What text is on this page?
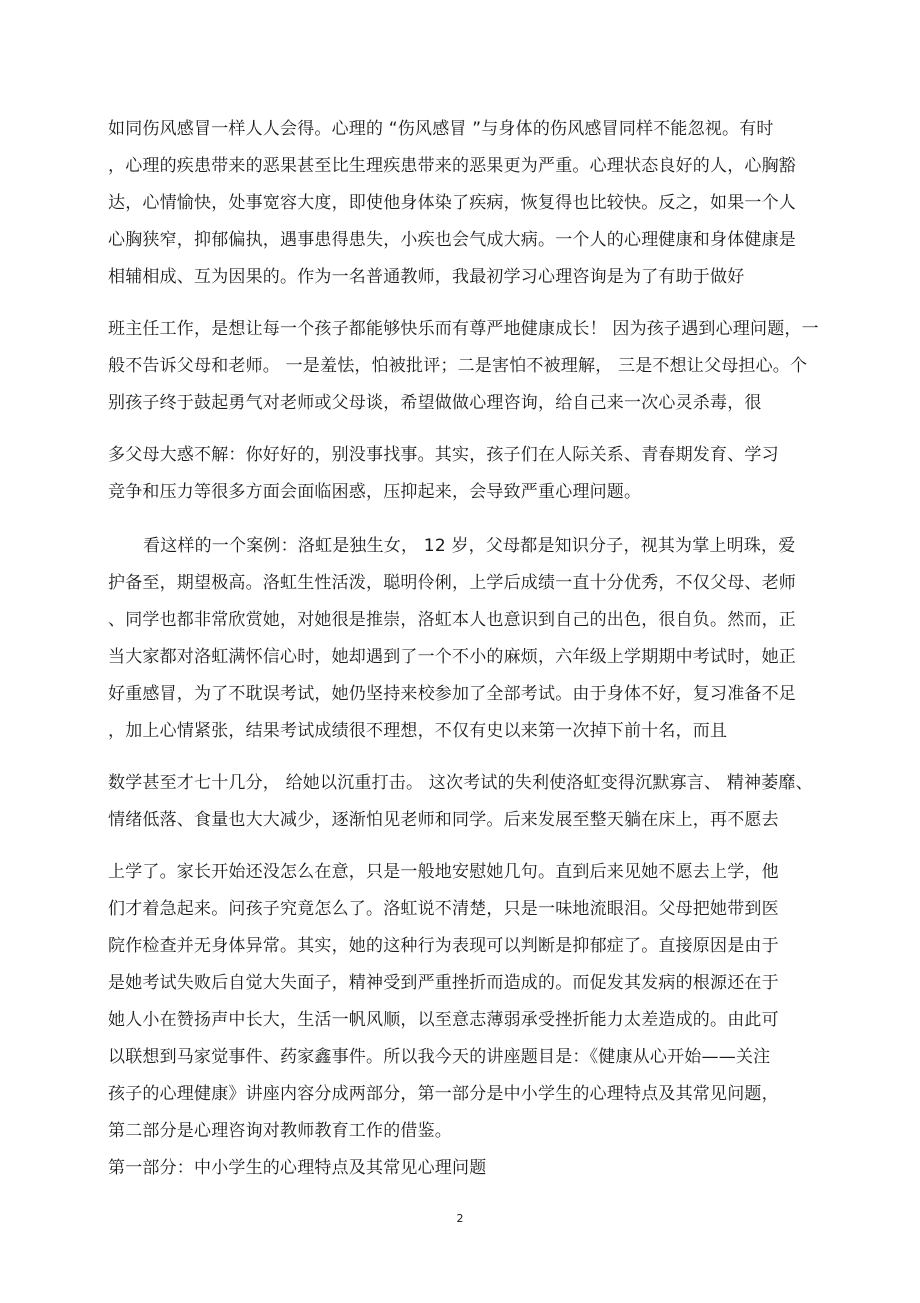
如同伤风感冒一样人人会得。心理的 “伤风感冒 ”与身体的伤风感冒同样不能忽视。有时
，心理的疾患带来的恶果甚至比生理疾患带来的恶果更为严重。心理状态良好的人，心胸豁
达，心情愉快，处事宽容大度，即使他身体染了疾病，恢复得也比较快。反之，如果一个人
心胸狭窄，抑郁偏执，遇事患得患失，小疾也会气成大病。一个人的心理健康和身体健康是
相辅相成、互为因果的。作为一名普通教师，我最初学习心理咨询是为了有助于做好
班主任工作，是想让每一个孩子都能够快乐而有尊严地健康成长！ 因为孩子遇到心理问题，一
般不告诉父母和老师。 一是羞怯，怕被批评；二是害怕不被理解， 三是不想让父母担心。个
别孩子终于鼓起勇气对老师或父母谈，希望做做心理咨询，给自己来一次心灵杀毒，很
多父母大惑不解：你好好的，别没事找事。其实，孩子们在人际关系、青春期发育、学习
竞争和压力等很多方面会面临困惑，压抑起来，会导致严重心理问题。
看这样的一个案例：洛虹是独生女， 12 岁，父母都是知识分子，视其为掌上明珠，爱
护备至，期望极高。洛虹生性活泼，聪明伶俐，上学后成绩一直十分优秀，不仅父母、老师
、同学也都非常欣赏她，对她很是推崇，洛虹本人也意识到自己的出色，很自负。然而，正
当大家都对洛虹满怀信心时，她却遇到了一个不小的麻烦，六年级上学期期中考试时，她正
好重感冒，为了不耽误考试，她仍坚持来校参加了全部考试。由于身体不好，复习准备不足
，加上心情紧张，结果考试成绩很不理想，不仅有史以来第一次掉下前十名，而且
数学甚至才七十几分， 给她以沉重打击。 这次考试的失利使洛虹变得沉默寡言、 精神萎靡、
情绪低落、食量也大大减少，逐渐怕见老师和同学。后来发展至整天躺在床上，再不愿去
上学了。家长开始还没怎么在意，只是一般地安慰她几句。直到后来见她不愿去上学，他
们才着急起来。问孩子究竟怎么了。洛虹说不清楚，只是一味地流眼泪。父母把她带到医
院作检查并无身体异常。其实，她的这种行为表现可以判断是抑郁症了。直接原因是由于
是她考试失败后自觉大失面子，精神受到严重挫折而造成的。而促发其发病的根源还在于
她人小在赞扬声中长大，生活一帆风顺，以至意志薄弱承受挫折能力太差造成的。由此可
以联想到马家觉事件、药家鑫事件。所以我今天的讲座题目是：《健康从心开始——关注
孩子的心理健康》讲座内容分成两部分，第一部分是中小学生的心理特点及其常见问题，
第二部分是心理咨询对教师教育工作的借鉴。
第一部分：中小学生的心理特点及其常见心理问题
2
